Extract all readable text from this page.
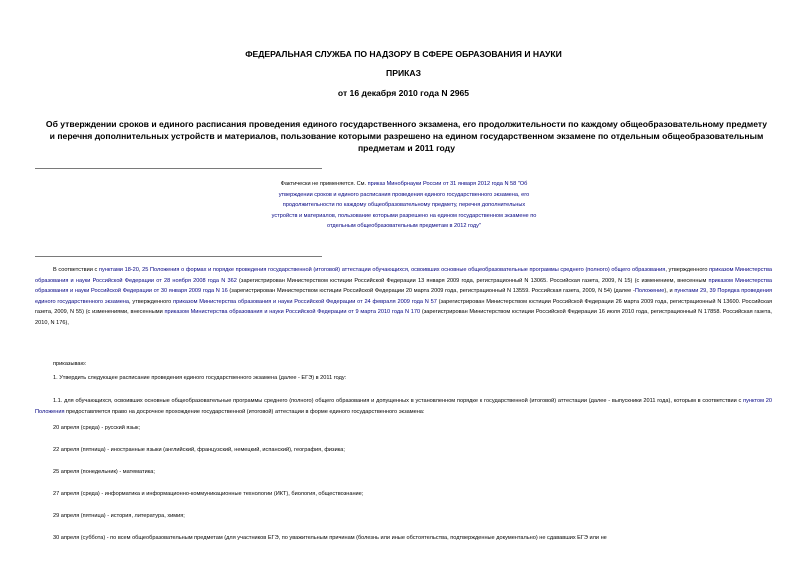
ФЕДЕРАЛЬНАЯ СЛУЖБА ПО НАДЗОРУ В СФЕРЕ ОБРАЗОВАНИЯ И НАУКИ

ПРИКАЗ

от 16 декабря 2010 года N 2965

Об утверждении сроков и единого расписания проведения единого государственного экзамена, его продолжительности по каждому общеобразовательному предмету и перечня дополнительных устройств и материалов, пользование которыми разрешено на едином государственном экзамене по отдельным общеобразовательным предметам и 2011 году

Фактически не применяется. См. приказ Минобрнауки России от 31 января 2012 года N 58 "Об утверждении сроков и единого расписания проведения единого государственного экзамена, его продолжительности по каждому общеобразовательному предмету, перечня дополнительных устройств и материалов, пользование которыми разрешено на едином государственном экзамене по отдельным общеобразовательным предметам в 2012 году"

В соответствии с пунктами 18-20, 25 Положения о формах и порядке проведения государственной (итоговой) аттестации обучающихся, освоивших основные общеобразовательные программы среднего (полного) общего образования, утвержденного приказом Министерства образования и науки Российской Федерации от 28 ноября 2008 года N 362 (зарегистрирован Министерством юстиции Российской Федерации 13 января 2009 года, регистрационный N 13065. Российская газета, 2009, N 15) (с изменением, внесенным приказом Министерства образования и науки Российской Федерации от 30 января 2009 года N 16 (зарегистрирован Министерством юстиции Российской Федерации 20 марта 2009 года, регистрационный N 13559. Российская газета, 2009, N 54) (далее -Положение), и пунктами 29, 39 Порядка проведения единого государственного экзамена, утвержденного приказом Министерства образования и науки Российской Федерации от 24 февраля 2009 года N 57 (зарегистрирован Министерством юстиции Российской Федерации 26 марта 2009 года, регистрационный N 13600. Российская газета, 2009, N 55) (с изменениями, внесенными приказом Министерства образования и науки Российской Федерации от 9 марта 2010 года N 170 (зарегистрирован Министерством юстиции Российской Федерации 16 июля 2010 года, регистрационный N 17858. Российская газета, 2010, N 176),

приказываю:

1. Утвердить следующее расписание проведения единого государственного экзамена (далее - ЕГЭ) в 2011 году:

1.1. для обучающихся, освоивших основные общеобразовательные программы среднего (полного) общего образования и допущенных в установленном порядке к государственной (итоговой) аттестации (далее - выпускники 2011 года), которым в соответствии с пунктом 20 Положения предоставляется право на досрочное прохождение государственной (итоговой) аттестации в форме единого государственного экзамена:

20 апреля (среда) - русский язык;

22 апреля (пятница) - иностранные языки (английский, французский, немецкий, испанский), география, физика;

25 апреля (понедельник) - математика;

27 апреля (среда) - информатика и информационно-коммуникационные технологии (ИКТ), биология, обществознание;

29 апреля (пятница) - история, литература, химия;

30 апреля (суббота) - по всем общеобразовательным предметам (для участников ЕГЭ, по уважительным причинам (болезнь или иные обстоятельства, подтвержденные документально) не сдававших ЕГЭ или не
